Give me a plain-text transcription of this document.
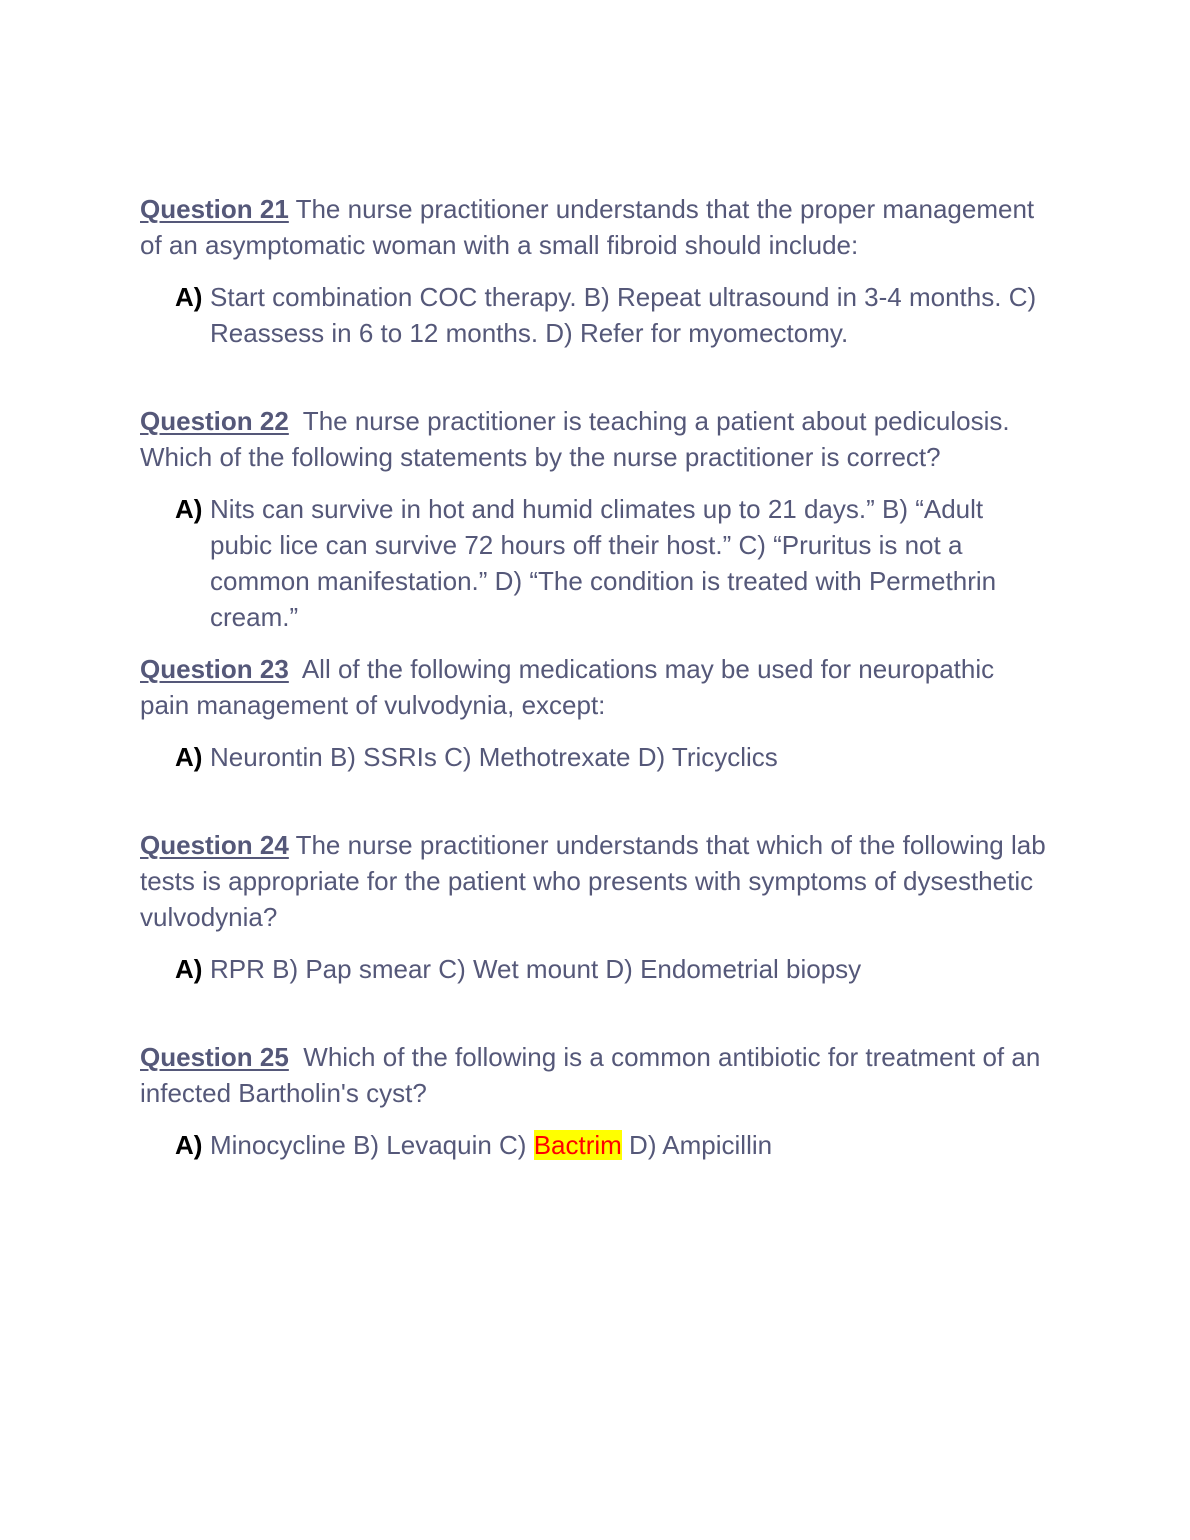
Question 21 The nurse practitioner understands that the proper management of an asymptomatic woman with a small fibroid should include:

A) Start combination COC therapy. B) Repeat ultrasound in 3-4 months. C) Reassess in 6 to 12 months. D) Refer for myomectomy.

Question 22  The nurse practitioner is teaching a patient about pediculosis. Which of the following statements by the nurse practitioner is correct?

A) Nits can survive in hot and humid climates up to 21 days.” B) “Adult pubic lice can survive 72 hours off their host.” C) “Pruritus is not a common manifestation.” D) “The condition is treated with Permethrin cream.”

Question 23  All of the following medications may be used for neuropathic pain management of vulvodynia, except:

A) Neurontin B) SSRIs C) Methotrexate D) Tricyclics

Question 24 The nurse practitioner understands that which of the following lab tests is appropriate for the patient who presents with symptoms of dysesthetic vulvodynia?

A) RPR B) Pap smear C) Wet mount D) Endometrial biopsy

Question 25  Which of the following is a common antibiotic for treatment of an infected Bartholin's cyst?

A) Minocycline B) Levaquin C) Bactrim D) Ampicillin
